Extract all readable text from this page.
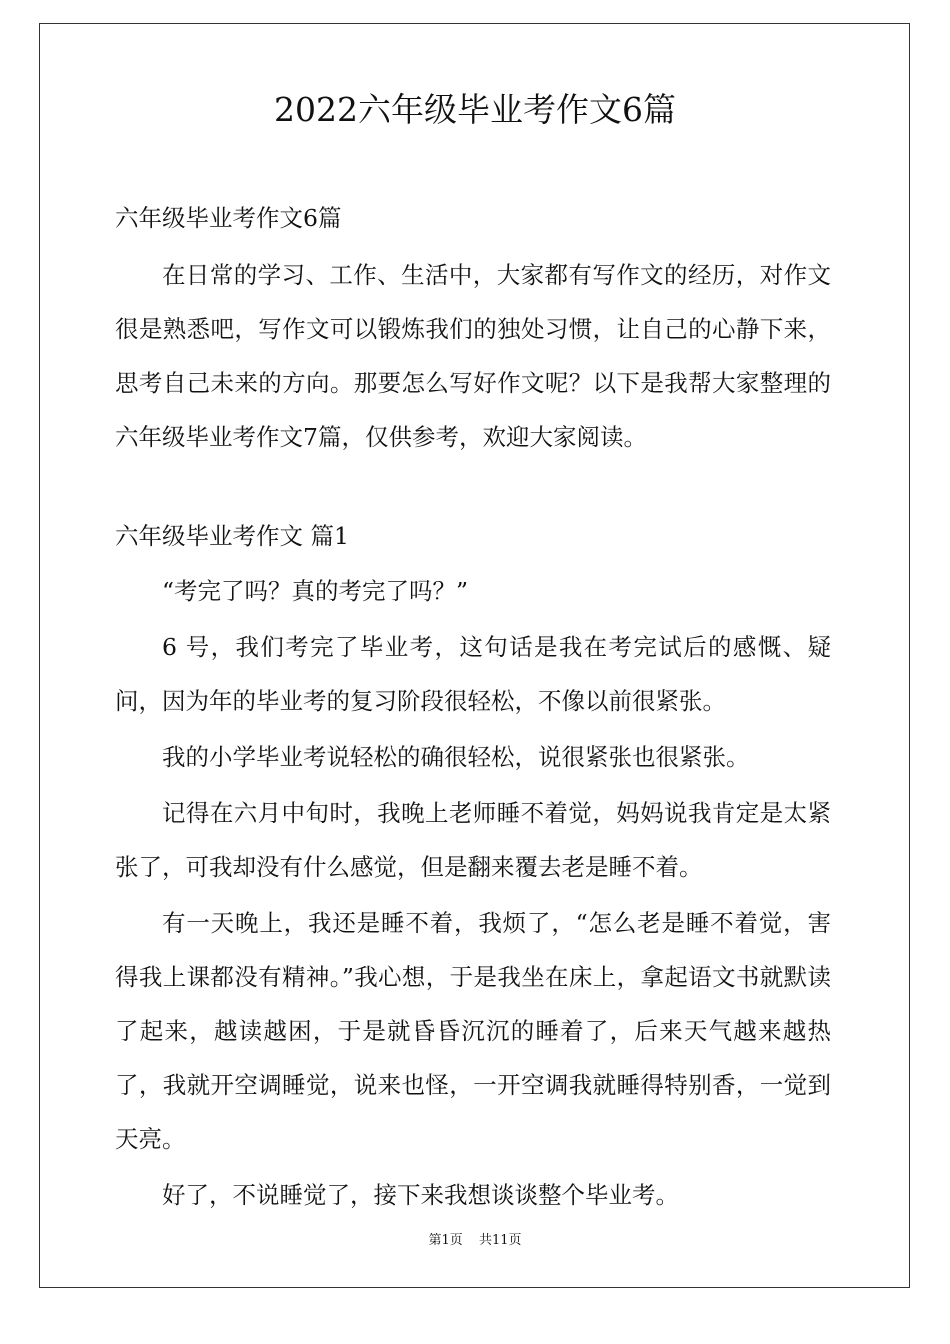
2022六年级毕业考作文6篇

六年级毕业考作文6篇

在日常的学习、工作、生活中，大家都有写作文的经历，对作文很是熟悉吧，写作文可以锻炼我们的独处习惯，让自己的心静下来，思考自己未来的方向。那要怎么写好作文呢？以下是我帮大家整理的六年级毕业考作文7篇，仅供参考，欢迎大家阅读。

六年级毕业考作文 篇1

“考完了吗？真的考完了吗？”

6 号，我们考完了毕业考，这句话是我在考完试后的感慨、疑问，因为年的毕业考的复习阶段很轻松，不像以前很紧张。

我的小学毕业考说轻松的确很轻松，说很紧张也很紧张。

记得在六月中旬时，我晚上老师睡不着觉，妈妈说我肯定是太紧张了，可我却没有什么感觉，但是翻来覆去老是睡不着。

有一天晚上，我还是睡不着，我烦了，“怎么老是睡不着觉，害得我上课都没有精神。”我心想，于是我坐在床上，拿起语文书就默读了起来，越读越困，于是就昏昏沉沉的睡着了，后来天气越来越热了，我就开空调睡觉，说来也怪，一开空调我就睡得特别香，一觉到天亮。

好了，不说睡觉了，接下来我想谈谈整个毕业考。

第1页 共11页
